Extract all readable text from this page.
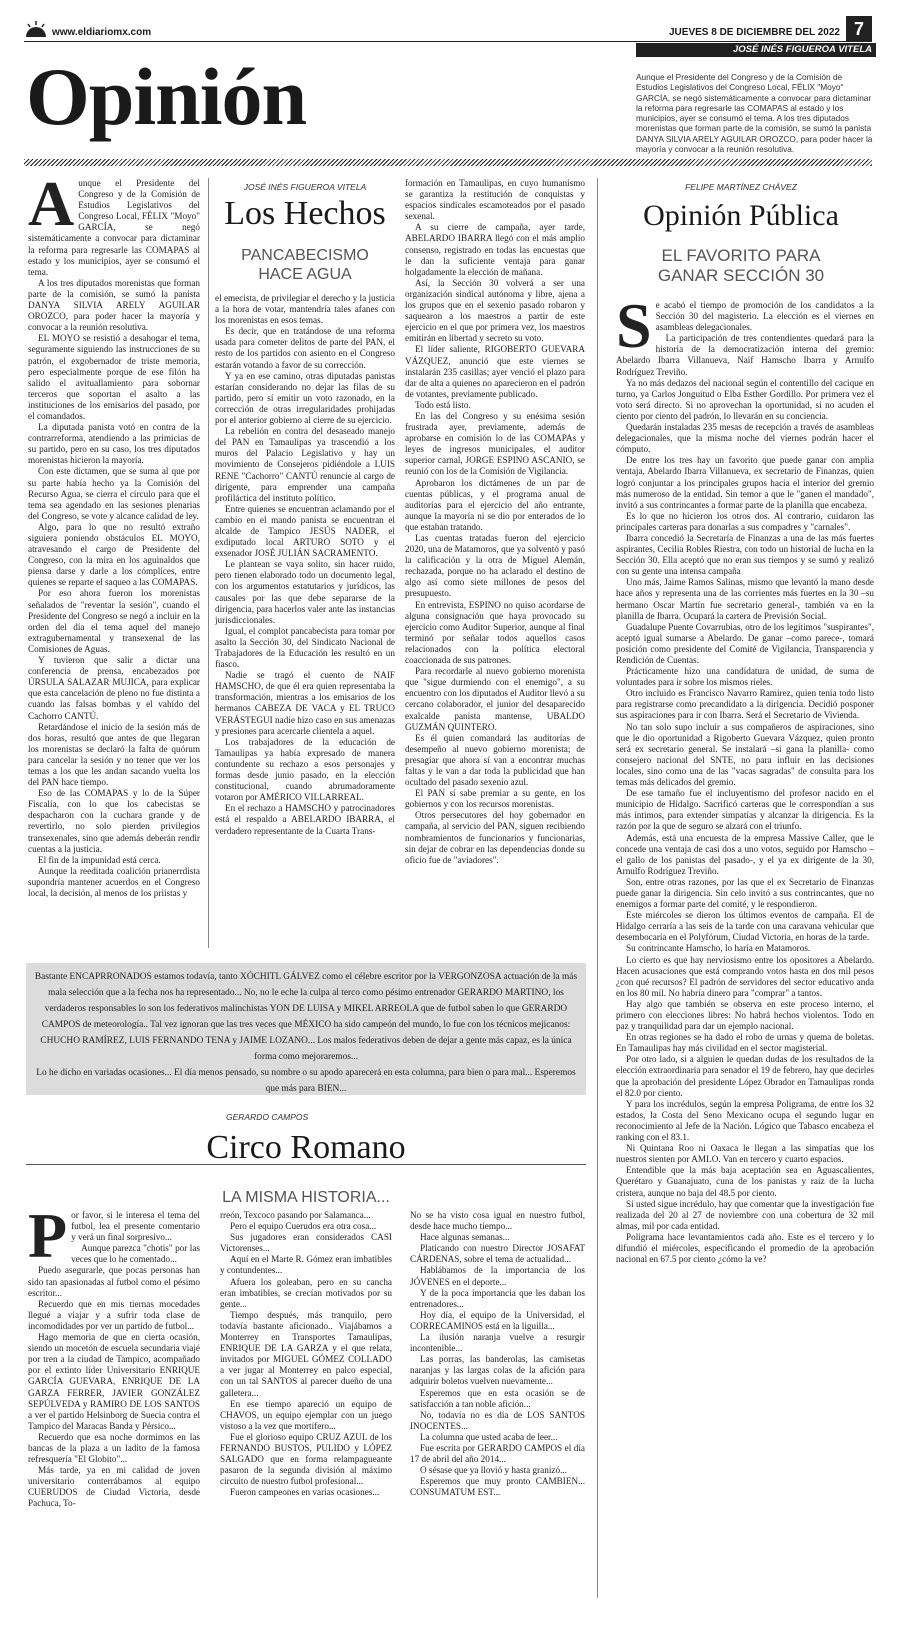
www.eldiariomx.com	JUEVES 8 DE DICIEMBRE DEL 2022 7
Opinión
JOSÉ INÉS FIGUEROA VITELA
Aunque el Presidente del Congreso y de la Comisión de Estudios Legislativos del Congreso Local, FÉLIX "Moyo" GARCÍA, se negó sistemáticamente a convocar para dictaminar la reforma para regresarle las COMAPAS al estado y los municipios, ayer se consumó el tema. A los tres diputados morenistas que forman parte de la comisión, se sumó la panista DANYA SILVIA ARELY AGUILAR OROZCO, para poder hacer la mayoría y convocar a la reunión resolutiva.
A unque el Presidente del Congreso y de la Comisión de Estudios Legislativos del Congreso Local, FÉLIX "Moyo" GARCÍA, se negó sistemáticamente a convocar para dictaminar la reforma para regresarle las COMAPAS al estado y los municipios, ayer se consumó el tema.

A los tres diputados morenistas que forman parte de la comisión, se sumó la panista DANYA SILVIA ARELY AGUILAR OROZCO, para poder hacer la mayoría y convocar a la reunión resolutiva.

EL MOYO se resistió a desahogar el tema, seguramente siguiendo las instrucciones de su patrón, el exgobernador de triste memoria, pero especialmente porque de ese filón ha salido el avituallamiento para sobornar terceros que soportan el asalto a las instituciones de los emisarios del pasado, por el comandados.

La diputada panista votó en contra de la contrarreforma, atendiendo a las primicias de su partido, pero en su caso, los tres diputados morenistas hicieron la mayoría.

Con este dictamen, que se suma al que por su parte había hecho ya la Comisión del Recurso Agua, se cierra el círculo para que el tema sea agendado en las sesiones plenarias del Congreso, se vote y alcance calidad de ley.

Algo, para lo que no resultó extraño siguiera poniendo obstáculos EL MOYO, atravesando el cargo de Presidente del Congreso, con la mira en los aguinaldos que piensa darse y darle a los cómplices, entre quienes se reparte el saqueo a las COMAPAS.

Por eso ahora fueron los morenistas señalados de "reventar la sesión", cuando el Presidente del Congreso se negó a incluir en la orden del día el tema aquel del manejo extragubernamental y transexenal de las Comisiones de Aguas.

Y tuvieron que salir a dictar una conferencia de prensa, encabezados por ÚRSULA SALAZAR MUJICA, para explicar que esta cancelación de pleno no fue distinta a cuando las falsas bombas y el vahído del Cachorro CANTÚ.

Retardándose el inicio de la sesión más de dos horas, resultó que antes de que llegaran los morenistas se declaró la falta de quórum para cancelar la sesión y no tener que ver los temas a los que les andan sacando vuelta los del PAN hace tiempo.

Eso de las COMAPAS y lo de la Súper Fiscalía, con lo que los cabecistas se despacharon con la cuchara grande y de revertirlo, no solo pierden privilegios transexenales, sino que además deberán rendir cuentas a la justicia.

El fin de la impunidad está cerca.

Aunque la reeditada coalición prianerrdista supondría mantener acuerdos en el Congreso local, la decisión, al menos de los priistas y

JOSÉ INÉS FIGUEROA VITELA
Los Hechos
PANCABECISMO HACE AGUA

el emecista, de privilegiar el derecho y la justicia a la hora de votar, mantendría tales afanes con los morenistas en esos temas.

Es decir, que en tratándose de una reforma usada para cometer delitos de parte del PAN, el resto de los partidos con asiento en el Congreso estarán votando a favor de su corrección.

Y ya en ese camino, otras diputadas panistas estarían considerando no dejar las filas de su partido, pero sí emitir un voto razonado, en la corrección de otras irregularidades prohijadas por el anterior gobierno al cierre de su ejercicio.

La rebelión en contra del desaseado manejo del PAN en Tamaulipas ya trascendió a los muros del Palacio Legislativo y hay un movimiento de Consejeros pidiéndole a LUIS RENE "Cachorro" CANTÚ renuncie al cargo de dirigente, para emprender una campaña profiláctica del instituto político.

Entre quienes se encuentran aclamando por el cambio en el mando panista se encuentran el alcalde de Tampico JESÚS NADER, el exdiputado local ARTURO SOTO y el exsenador JOSÉ JULIÁN SACRAMENTO.

Le plantean se vaya solito, sin hacer ruido, pero tienen elaborado todo un documento legal, con los argumentos estatutarios y jurídicos, las causales por las que debe separarse de la dirigencia, para hacerlos valer ante las instancias jurisdiccionales.

Igual, el complot pancabecista para tomar por asalto la Sección 30, del Sindicato Nacional de Trabajadores de la Educación les resultó en un fiasco.

Nadie se tragó el cuento de NAIF HAMSCHO, de que él era quien representaba la transformación, mientras a los emisarios de los hermanos CABEZA DE VACA y EL TRUCO VERÁSTEGUI nadie hizo caso en sus amenazas y presiones para acercarle clientela a aquel.

Los trabajadores de la educación de Tamaulipas ya había expresado de manera contundente su rechazo a esos personajes y formas desde junio pasado, en la elección constitucional, cuando abrumadoramente votaron por AMÉRICO VILLARREAL.

En el rechazo a HAMSCHO y patrocinadores está el respaldo a ABELARDO IBARRA, el verdadero representante de la Cuarta Trans-

formación en Tamaulipas, en cuyo humanismo se garantiza la restitución de conquistas y espacios sindicales escamoteados por el pasado sexenal.

A su cierre de campaña, ayer tarde, ABELARDO IBARRA llegó con el más amplio consenso, registrado en todas las encuestas que le dan la suficiente ventaja para ganar holgadamente la elección de mañana.

Así, la Sección 30 volverá a ser una organización sindical autónoma y libre, ajena a los grupos que en el sexenio pasado robaron y saquearon a los maestros a partir de este ejercicio en el que por primera vez, los maestros emitirán en libertad y secreto su voto.

El líder saliente, RIGOBERTO GUEVARA VÁZQUEZ, anunció que este viernes se instalarán 235 casillas; ayer venció el plazo para dar de alta a quienes no aparecieron en el padrón de votantes, previamente publicado.

Todo está listo.

En las del Congreso y su enésima sesión frustrada ayer, previamente, además de aprobarse en comisión lo de las COMAPAs y leyes de ingresos municipales, el auditor superior carnal, JORGE ESPINO ASCANIO, se reunió con los de la Comisión de Vigilancia.

Aprobaron los dictámenes de un par de cuentas públicas, y el programa anual de auditorías para el ejercicio del año entrante, aunque la mayoría ni se dio por enterados de lo que estaban tratando.

Las cuentas tratadas fueron del ejercicio 2020, una de Matamoros, que ya solventó y pasó la calificación y la otra de Miguel Alemán, rechazada, porque no ha aclarado el destino de algo así como siete millones de pesos del presupuesto.

En entrevista, ESPINO no quiso acordarse de alguna consignación que haya provocado su ejercicio como Auditor Superior, aunque al final terminó por señalar todos aquellos casos relacionados con la política electoral coaccionada de sus patrones.

Para recordarle al nuevo gobierno morenista que "sigue durmiendo con el enemigo", a su encuentro con los diputados el Auditor llevó a su cercano colaborador, el junior del desaparecido exalcalde panista mantense, UBALDO GUZMÁN QUINTERO.

Es él quien comandará las auditorías de desempeño al nuevo gobierno morenista; de presagiar que ahora sí van a encontrar muchas faltas y le van a dar toda la publicidad que han ocultado del pasado sexenio azul.

El PAN sí sabe premiar a su gente, en los gobiernos y con los recursos morenistas.

Otros persecutores del hoy gobernador en campaña, al servicio del PAN, siguen recibiendo nombramientos de funcionarios y funcionarias, sin dejar de cobrar en las dependencias donde su oficio fue de "aviadores".

Bastante ENCAPRRONADOS estamos todavía, tanto XÓCHITL GÁLVEZ como el célebre escritor por la VERGONZOSA actuación de la más mala selección que a la fecha nos ha representado... No, no le eche la culpa al terco como pésimo entrenador GERARDO MARTINO, los verdaderos responsables lo son los federativos malinchistas YON DE LUISA y MIKEL ARREOLA que de futbol saben lo que GERARDO CAMPOS de meteorología.. Tal vez ignoran que las tres veces que MÉXICO ha sido campeón del mundo, lo fue con los técnicos mejicanos: CHUCHO RAMÍREZ, LUIS FERNANDO TENA y JAIME LOZANO... Los malos federativos deben de dejar a gente más capaz, es la única forma como mejoraremos...
Lo he dicho en variadas ocasiones... El día menos pensado, su nombre o su apodo aparecerá en esta columna, para bien o para mal... Esperemos que más para BIEN...
GERARDO CAMPOS
Circo Romano
LA MISMA HISTORIA...
P or favor, si le interesa el tema del futbol, lea el presente comentario y verá un final sorpresivo...

Aunque parezca "chotis" por las veces que lo he comentado...

Puedo asegurarle, que pocas personas han sido tan apasionadas al futbol como el pésimo escritor...

Recuerdo que en mis tiernas mocedades llegué a viajar y a sufrir toda clase de incomodidades por ver un partido de futbol...

Hago memoria de que en cierta ocasión, siendo un mocetón de escuela secundaria viajé por tren a la ciudad de Tampico, acompañado por el extinto líder Universitario ENRIQUE GARCÍA GUEVARA, ENRIQUE DE LA GARZA FERRER, JAVIER GONZÁLEZ SEPÚLVEDA y RAMIRO DE LOS SANTOS a ver el partido Helsinborg de Suecia contra el Tampico del Maracas Banda y Pérsico...

Recuerdo que esa noche dormimos en las bancas de la plaza a un ladito de la famosa refresquería "El Globito"...

Más tarde, ya en mi calidad de joven universitario conterrábamos al equipo CUERUDOS de Ciudad Victoria, desde Pachuca, To-

rreón, Texcoco pasando por Salamanca...

Pero el equipo Cuerudos era otra cosa...

Sus jugadores eran considerados CASI Victorenses...

Aquí en el Marte R. Gómez eran imbatibles y contundentes...

Afuera los goleaban, pero en su cancha eran imbatibles, se crecían motivados por su gente...

Tiempo después, más tranquilo, pero todavía bastante aficionado.. Viajábamos a Monterrey en Transportes Tamaulipas, ENRIQUE DE LA GARZA y el que relata, invitados por MIGUEL GÓMEZ COLLADO a ver jugar al Monterrey en palco especial, con un tal SANTOS al parecer dueño de una galletera...

En ese tiempo apareció un equipo de CHAVOS, un equipo ejemplar con un juego vistoso a la vez que mortífero...

Fue el glorioso equipo CRUZ AZUL de los FERNANDO BUSTOS, PULIDO y LÓPEZ SALGADO que en forma relampagueante pasaron de la segunda división al máximo circuito de nuestro futbol profesional...

Fueron campeones en varias ocasiones...

No se ha visto cosa igual en nuestro futbol, desde hace mucho tiempo...

Hace algunas semanas...

Platicando con nuestro Director JOSAFAT CÁRDENAS, sobre el tema de actualidad...

Hablábamos de la importancia de los JÓVENES en el deporte...

Y de la poca importancia que les daban los entrenadores...

Hoy día, el equipo de la Universidad, el CORRECAMINOS está en la liguilla...

La ilusión naranja vuelve a resurgir incontenible...

Las porras, las banderolas, las camisetas naranjas y las largas colas de la afición para adquirir boletos vuelven nuevamente...

Esperemos que en esta ocasión se de satisfacción a tan noble afición...

No, todavía no es día de LOS SANTOS INOCENTES...

La columna que usted acaba de leer...

Fue escrita por GERARDO CAMPOS el día 17 de abril del año 2014...

O sésase que ya llovió y hasta granizó...

Esperemos que muy pronto CAMBIEN... CONSUMATUM EST...

FELIPE MARTÍNEZ CHÁVEZ
Opinión Pública
EL FAVORITO PARA GANAR SECCIÓN 30
S e acabó el tiempo de promoción de los candidatos a la Sección 30 del magisterio. La elección es el viernes en asambleas delegacionales.

La participación de tres contendientes quedará para la historia de la democratización interna del gremio: Abelardo Ibarra Villanueva, Naif Hamscho Ibarra y Arnulfo Rodríguez Treviño.

Ya no más dedazos del nacional según el contentillo del cacique en turno, ya Carlos Jonguitud o Elba Esther Gordillo. Por primera vez el voto será directo. Si no aprovechan la oportunidad, si no acuden el ciento por ciento del padrón, lo llevarán en su conciencia.

Quedarán instaladas 235 mesas de recepción a través de asambleas delegacionales, que la misma noche del viernes podrán hacer el cómputo.

De entre los tres hay un favorito que puede ganar con amplia ventaja, Abelardo Ibarra Villanueva, ex secretario de Finanzas, quien logró conjuntar a los principales grupos hacia el interior del gremio más numeroso de la entidad. Sin temor a que le "ganen el mandado", invitó a sus contrincantes a formar parte de la planilla que encabeza.

Es lo que no hicieron los otros dos. Al contrario, cuidaron las principales carteras para donarlas a sus compadres y "carnales".

Ibarra concedió la Secretaría de Finanzas a una de las más fuertes aspirantes, Cecilia Robles Riestra, con todo un historial de lucha en la Sección 30. Ella aceptó que no eran sus tiempos y se sumó y realizó con su gente una intensa campaña

Uno más, Jaime Ramos Salinas, mismo que levantó la mano desde hace años y representa una de las corrientes más fuertes en la 30 –su hermano Oscar Martín fue secretario general-, también va en la planilla de Ibarra. Ocupará la cartera de Previsión Social.

Guadalupe Puente Covarrubias, otro de los legítimos "suspirantes", aceptó igual sumarse a Abelardo. De ganar –como parece-, tomará posición como presidente del Comité de Vigilancia, Transparencia y Rendición de Cuentas.

Prácticamente hizo una candidatura de unidad, de suma de voluntades para ir sobre los mismos rieles.

Otro incluido es Francisco Navarro Ramírez, quien tenía todo listo para registrarse como precandidato a la dirigencia. Decidió posponer sus aspiraciones para ir con Ibarra. Será el Secretario de Vivienda.

No tan solo supo incluir a sus compañeros de aspiraciones, sino que le dio oportunidad a Rigoberto Guevara Vázquez, quien pronto será ex secretario general. Se instalará –si gana la planilla- como consejero nacional del SNTE, no para influir en las decisiones locales, sino como una de las "vacas sagradas" de consulta para los temas más delicados del gremio.

De ese tamaño fue el incluyentismo del profesor nacido en el municipio de Hidalgo. Sacrificó carteras que le correspondían a sus más íntimos, para extender simpatías y alcanzar la dirigencia. Es la razón por la que de seguro se alzará con el triunfo.

Además, está una encuesta de la empresa Massive Caller, que le concede una ventaja de casi dos a uno votos, seguido por Hamscho –el gallo de los panistas del pasado-, y el ya ex dirigente de la 30, Arnulfo Rodríguez Treviño.

Son, entre otras razones, por las que el ex Secretario de Finanzas puede ganar la dirigencia. Sin celo invitó a sus contrincantes, que no enemigos a formar parte del comité, y le respondieron.

Este miércoles se dieron los últimos eventos de campaña. El de Hidalgo cerraría a las seis de la tarde con una caravana vehicular que desembocaría en el Polyfórum, Ciudad Victoria, en horas de la tarde.

Su contrincante Hamscho, lo haría en Matamoros.

Lo cierto es que hay nerviosismo entre los opositores a Abelardo. Hacen acusaciones que está comprando votos hasta en dos mil pesos ¿con qué recursos? El padrón de servidores del sector educativo anda en los 80 mil. No habría dinero para "comprar" a tantos.

Hay algo que también se observa en este proceso interno, el primero con elecciones libres: No habrá hechos violentos. Todo en paz y tranquilidad para dar un ejemplo nacional.

En otras regiones se ha dado el robo de urnas y quema de boletas. En Tamaulipas hay más civilidad en el sector magisterial.

Por otro lado, si a alguien le quedan dudas de los resultados de la elección extraordinaria para senador el 19 de febrero, hay que decirles que la aprobación del presidente López Obrador en Tamaulipas ronda el 82.0 por ciento.

Y para los incrédulos, según la empresa Poligrama, de entre los 32 estados, la Costa del Seno Mexicano ocupa el segundo lugar en reconocimiento al Jefe de la Nación. Lógico que Tabasco encabeza el ranking con el 83.1.

Ni Quintana Roo ni Oaxaca le llegan a las simpatías que los nuestros sienten por AMLO. Van en tercero y cuarto espacios.

Entendible que la más baja aceptación sea en Aguascalientes, Querétaro y Guanajuato, cuna de los panistas y raíz de la lucha cristera, aunque no baja del 48.5 por ciento.

Si usted sigue incrédulo, hay que comentar que la investigación fue realizada del 20 al 27 de noviembre con una cobertura de 32 mil almas, mil por cada entidad.

Poligrama hace levantamientos cada año. Este es el tercero y lo difundió el miércoles, especificando el promedio de la aprobación nacional en 67.5 por ciento ¿cómo la ve?
